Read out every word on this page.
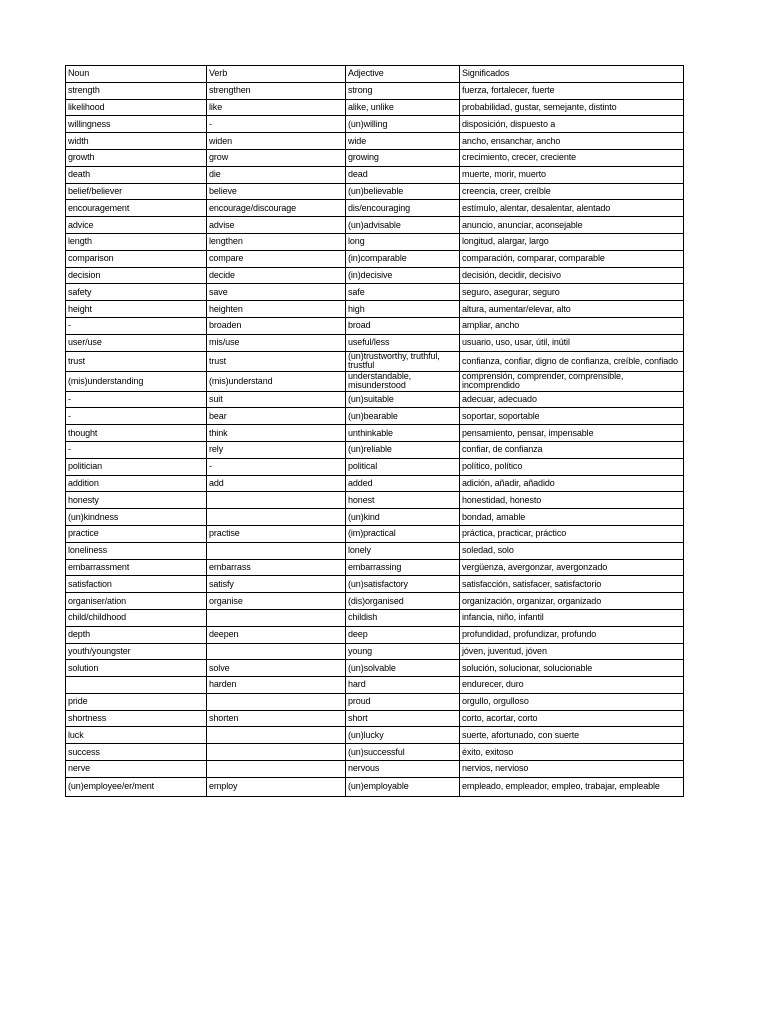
Noun	Verb	Adjective	Significados
strength	strengthen	strong	fuerza, fortalecer, fuerte
likelihood	like	alike, unlike	probabilidad, gustar, semejante, distinto
willingness	-	(un)willing	disposición, dispuesto a
width	widen	wide	ancho, ensanchar, ancho
growth	grow	growing	crecimiento, crecer, creciente
death	die	dead	muerte, morir, muerto
belief/believer	believe	(un)believable	creencia, creer, creíble
encouragement	encourage/discourage	dis/encouraging	estímulo, alentar, desalentar, alentado
advice	advise	(un)advisable	anuncio, anunciar, aconsejable
length	lengthen	long	longitud, alargar, largo
comparison	compare	(in)comparable	comparación, comparar, comparable
decision	decide	(in)decisive	decisión, decidir, decisivo
safety	save	safe	seguro, asegurar, seguro
height	heighten	high	altura, aumentar/elevar, alto
-	broaden	broad	ampliar, ancho
user/use	mis/use	useful/less	usuario, uso, usar, útil, inútil
trust	trust	(un)trustworthy, truthful, trustful	confianza, confiar, digno de confianza, creíble, confiado
(mis)understanding	(mis)understand	understandable, misunderstood	comprensión, comprender, comprensible, incomprendido
-	suit	(un)suitable	adecuar, adecuado
-	bear	(un)bearable	soportar, soportable
thought	think	unthinkable	pensamiento, pensar, impensable
-	rely	(un)reliable	confiar, de confianza
politician	-	political	político, político
addition	add	added	adición, añadir, añadido
honesty		honest	honestidad, honesto
(un)kindness		(un)kind	bondad, amable
practice	practise	(im)practical	práctica, practicar, práctico
loneliness		lonely	soledad, solo
embarrassment	embarrass	embarrassing	vergüenza, avergonzar, avergonzado
satisfaction	satisfy	(un)satisfactory	satisfacción, satisfacer, satisfactorio
organiser/ation	organise	(dis)organised	organización, organizar, organizado
child/childhood		childish	infancia, niño, infantil
depth	deepen	deep	profundidad, profundizar, profundo
youth/youngster		young	jóven, juventud, jóven
solution	solve	(un)solvable	solución, solucionar, solucionable
	harden	hard	endurecer, duro
pride		proud	orgullo, orgulloso
shortness	shorten	short	corto, acortar, corto
luck		(un)lucky	suerte, afortunado, con suerte
success		(un)successful	éxito, exitoso
nerve		nervous	nervios, nervioso
(un)employee/er/ment	employ	(un)employable	empleado, empleador, empleo, trabajar, empleable
